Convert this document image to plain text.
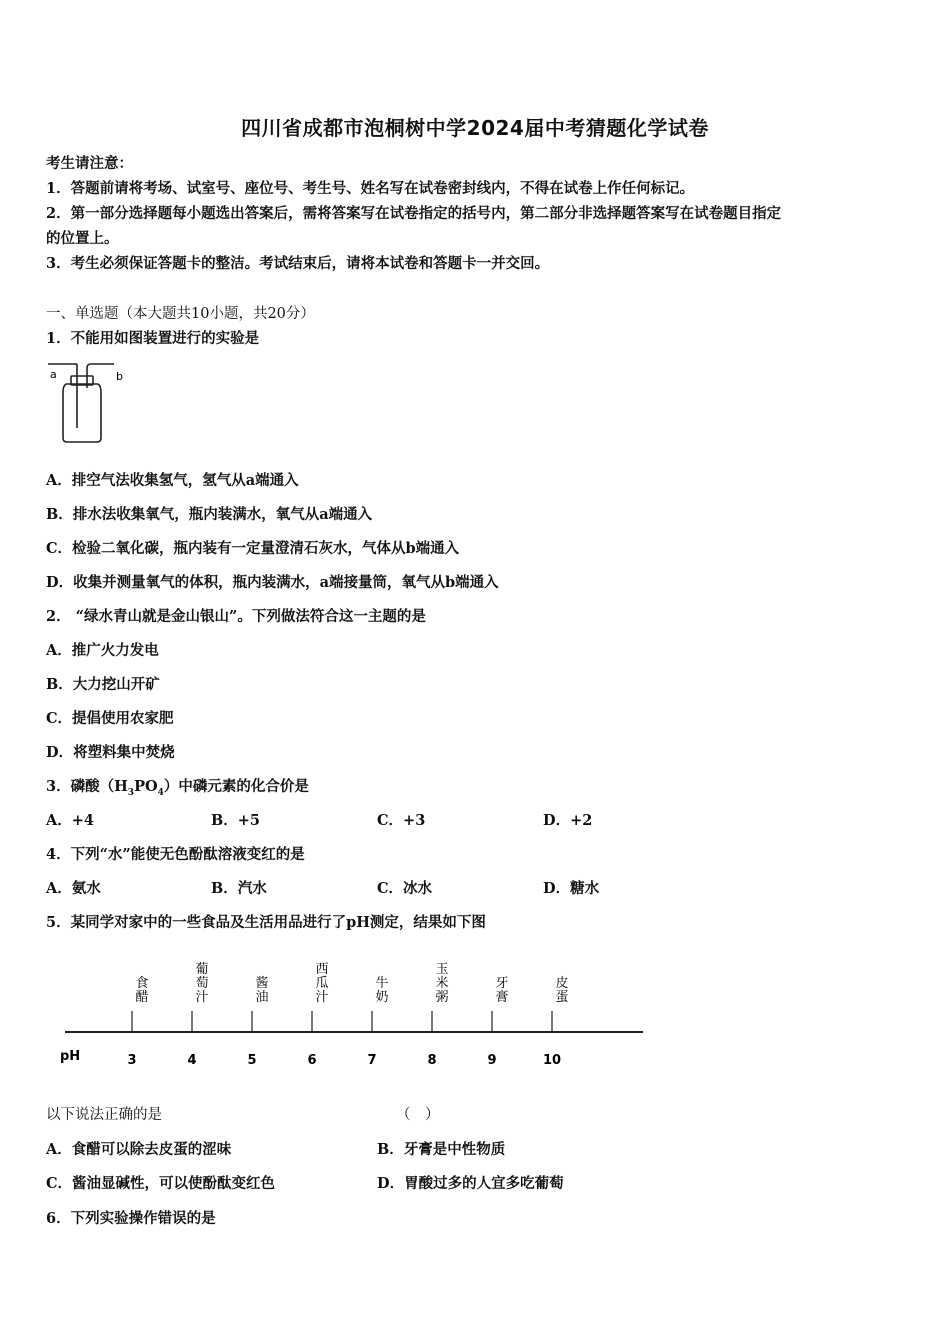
四川省成都市泡桐树中学2024届中考猜题化学试卷
考生请注意：
1．答题前请将考场、试室号、座位号、考生号、姓名写在试卷密封线内，不得在试卷上作任何标记。
2．第一部分选择题每小题选出答案后，需将答案写在试卷指定的括号内，第二部分非选择题答案写在试卷题目指定
的位置上。
3．考生必须保证答题卡的整洁。考试结束后，请将本试卷和答题卡一并交回。
一、单选题（本大题共10小题，共20分）
1．不能用如图装置进行的实验是
a	b
A．排空气法收集氢气，氢气从a端通入
B．排水法收集氧气，瓶内装满水，氧气从a端通入
C．检验二氧化碳，瓶内装有一定量澄清石灰水，气体从b端通入
D．收集并测量氧气的体积，瓶内装满水，a端接量筒，氧气从b端通入
2． “绿水青山就是金山银山”。下列做法符合这一主题的是
A．推广火力发电
B．大力挖山开矿
C．提倡使用农家肥
D．将塑料集中焚烧
3．磷酸$(H_3PO_4)$中磷元素的化合价是
A．+4	B．+5	C．+3	D．+2
4．下列“水”能使无色酚酞溶液变红的是
A．氨水	B．汽水	C．冰水	D．糖水
5．某同学对家中的一些食品及生活用品进行了pH测定，结果如下图
pH
食醋
葡萄汁
酱油
西瓜汁
牛奶
玉米粥
牙膏
皮蛋
3	4	5	6	7	8	9	10
以下说法正确的是	（　）
A．食醋可以除去皮蛋的涩味	B．牙膏是中性物质
C．酱油显碱性，可以使酚酞变红色	D．胃酸过多的人宜多吃葡萄
6．下列实验操作错误的是
